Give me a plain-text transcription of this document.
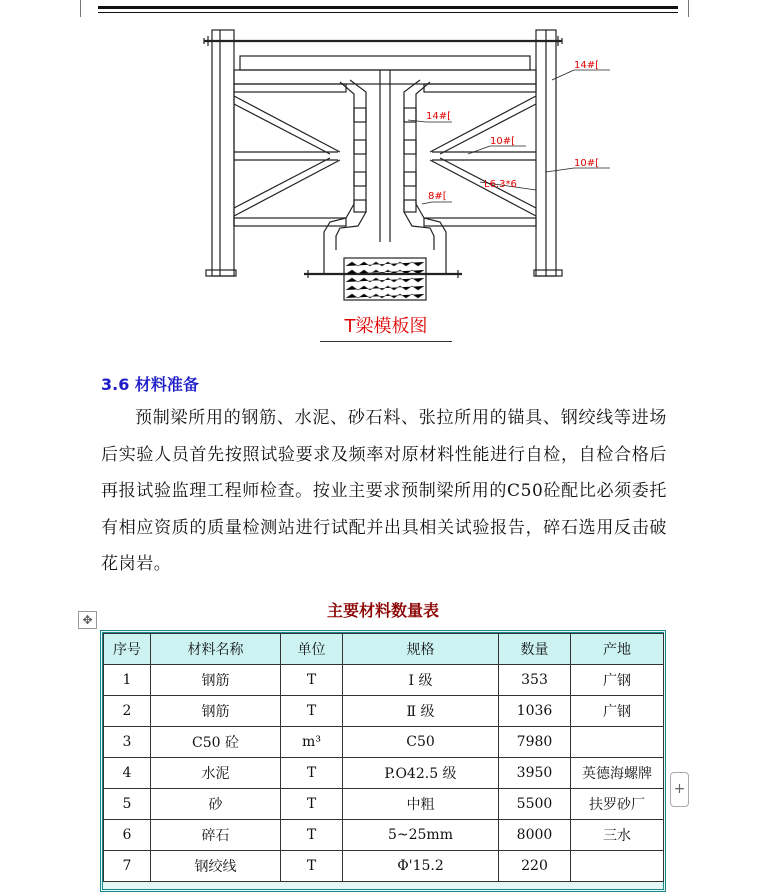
14#[
14#[
10#[
10#[
8#[
L6.3*6
T梁模板图
3.6 材料准备
预制梁所用的钢筋、水泥、砂石料、张拉所用的锚具、钢绞线等进场后实验人员首先按照试验要求及频率对原材料性能进行自检，自检合格后再报试验监理工程师检查。按业主要求预制梁所用的C50砼配比必须委托有相应资质的质量检测站进行试配并出具相关试验报告，碎石选用反击破花岗岩。
主要材料数量表
✥
+
序号	材料名称	单位	规格	数量	产地
1	钢筋	T	Ⅰ 级	353	广钢
2	钢筋	T	Ⅱ 级	1036	广钢
3	C50 砼	m³	C50	7980	
4	水泥	T	P.O42.5 级	3950	英德海螺牌
5	砂	T	中粗	5500	扶罗砂厂
6	碎石	T	5~25mm	8000	三水
7	钢绞线	T	Φ'15.2	220	
